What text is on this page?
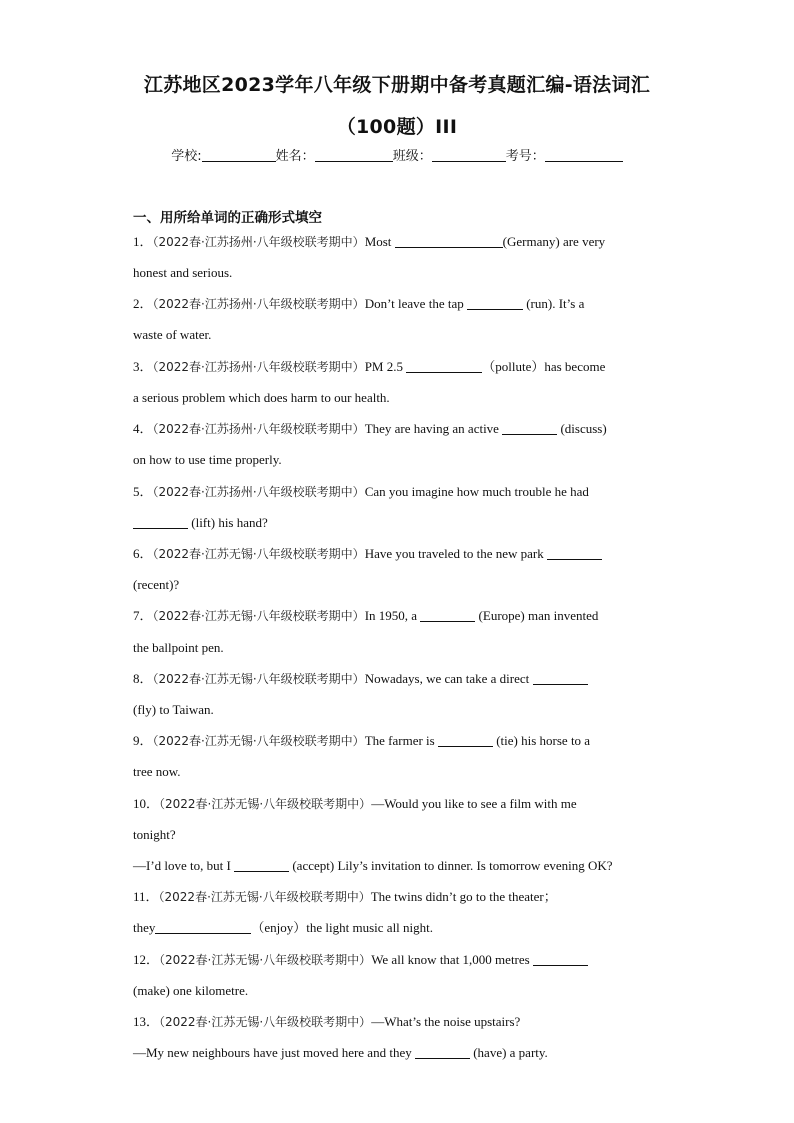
江苏地区2023学年八年级下册期中备考真题汇编-语法词汇
（100题）III
学校:	姓名：	班级：	考号：
一、用所给单词的正确形式填空
1．（2022春·江苏扬州·八年级校联考期中）Most	(Germany) are very
honest and serious.
2．（2022春·江苏扬州·八年级校联考期中）Don’t leave the tap	(run). It’s a
waste of water.
3．（2022春·江苏扬州·八年级校联考期中）PM 2.5	（pollute）has become
a serious problem which does harm to our health.
4．（2022春·江苏扬州·八年级校联考期中）They are having an active	(discuss)
on how to use time properly.
5．（2022春·江苏扬州·八年级校联考期中）Can you imagine how much trouble he had
(lift) his hand?
6．（2022春·江苏无锡·八年级校联考期中）Have you traveled to the new park
(recent)?
7．（2022春·江苏无锡·八年级校联考期中）In 1950, a	(Europe) man invented
the ballpoint pen.
8．（2022春·江苏无锡·八年级校联考期中）Nowadays, we can take a direct
(fly) to Taiwan.
9．（2022春·江苏无锡·八年级校联考期中）The farmer is	(tie) his horse to a
tree now.
10．（2022春·江苏无锡·八年级校联考期中）—Would you like to see a film with me
tonight?
—I’d love to, but I	(accept) Lily’s invitation to dinner. Is tomorrow evening OK?
11．（2022春·江苏无锡·八年级校联考期中）The twins didn’t go to the theater；
they	（enjoy）the light music all night.
12．（2022春·江苏无锡·八年级校联考期中）We all know that 1,000 metres
(make) one kilometre.
13．（2022春·江苏无锡·八年级校联考期中）—What’s the noise upstairs?
—My new neighbours have just moved here and they	(have) a party.
